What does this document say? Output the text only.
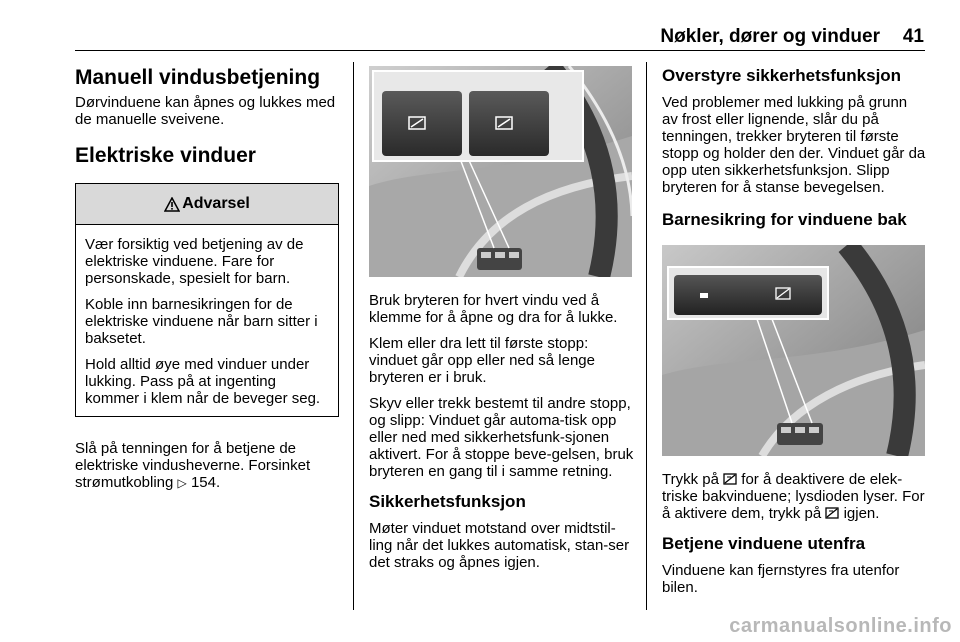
Nøkler, dører og vinduer	41
Manuell vindusbetjening

Dørvinduene kan åpnes og lukkes med de manuelle sveivene.

Elektriske vinduer
Advarsel

Vær forsiktig ved betjening av de elektriske vinduene. Fare for personskade, spesielt for barn.

Koble inn barnesikringen for de elektriske vinduene når barn sitter i baksetet.

Hold alltid øye med vinduer under lukking. Pass på at ingenting kommer i klem når de beveger seg.

Slå på tenningen for å betjene de elektriske vindusheverne. Forsinket strømutkobling ▷ 154.

Bruk bryteren for hvert vindu ved å klemme for å åpne og dra for å lukke.

Klem eller dra lett til første stopp: vinduet går opp eller ned så lenge bryteren er i bruk.

Skyv eller trekk bestemt til andre stopp, og slipp: Vinduet går automa-tisk opp eller ned med sikkerhetsfunk-sjonen aktivert. For å stoppe beve-gelsen, bruk bryteren en gang til i samme retning.

Sikkerhetsfunksjon

Møter vinduet motstand over midtstil-ling når det lukkes automatisk, stan-ser det straks og åpnes igjen.

Overstyre sikkerhetsfunksjon

Ved problemer med lukking på grunn av frost eller lignende, slår du på tenningen, trekker bryteren til første stopp og holder den der. Vinduet går da opp uten sikkerhetsfunksjon. Slipp bryteren for å stanse bevegelsen.

Barnesikring for vinduene bak

Trykk på for å deaktivere de elek-triske bakvinduene; lysdioden lyser. For å aktivere dem, trykk på igjen.

Betjene vinduene utenfra

Vinduene kan fjernstyres fra utenfor bilen.

carmanualsonline.info
